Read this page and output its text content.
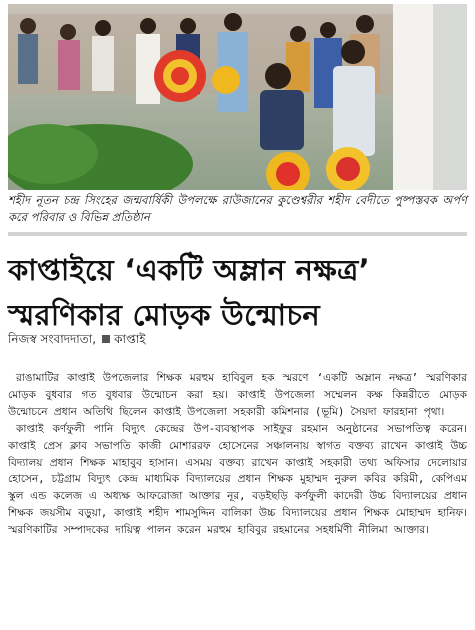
শহীদ নূতন চন্দ্র সিংহের জন্মবার্ষিকী উপলক্ষে রাউজানের কুণ্ডেশ্বরীর শহীদ বেদীতে পুষ্পস্তবক অর্পণ করে পরিবার ও বিভিন্ন প্রতিষ্ঠান
কাপ্তাইয়ে ‘একটি অম্লান নক্ষত্র’ স্মরণিকার মোড়ক উন্মোচন
নিজস্ব সংবাদদাতা, কাপ্তাই

রাঙামাটির কাপ্তাই উপজেলার শিক্ষক মরহুম হাবিবুল হক স্মরণে ‘একটি অম্লান নক্ষত্র’ স্মরণিকার মোড়ক বুধবার গত বুধবার উন্মোচন করা হয়। কাপ্তাই উপজেলা সম্মেলন কক্ষ কিন্নরীতে মোড়ক উন্মোচনে প্রধান অতিথি ছিলেন কাপ্তাই উপজেলা সহকারী কমিশনার (ভূমি) সৈয়দা ফারহানা পৃথা।

কাপ্তাই কর্ণফুলী পানি বিদ্যুৎ কেন্দ্রের উপ-ব্যবস্থাপক সাইফুর রহমান অনুষ্ঠানের সভাপতিত্ব করেন। কাপ্তাই প্রেস ক্লাব সভাপতি কাজী মোশাররফ হোসেনের সঞ্চালনায় স্বাগত বক্তব্য রাখেন কাপ্তাই উচ্চ বিদ্যালয় প্রধান শিক্ষক মাহাবুব হাসান। এসময় বক্তব্য রাখেন কাপ্তাই সহকারী তথ্য অফিসার দেলোয়ার হোসেন, চট্টগ্রাম বিদ্যুৎ কেন্দ্র মাধ্যমিক বিদ্যালয়ের প্রধান শিক্ষক মুহাম্মদ নুরুল কবির করিমী, কেপিএম স্কুল এন্ড কলেজ এ অধ্যক্ষ আফরোজা আক্তার নূর, বড়ইছড়ি কর্ণফুলী কাদেরী উচ্চ বিদ্যালয়ের প্রধান শিক্ষক জয়সীম বড়ুয়া, কাপ্তাই শহীদ শামসুদ্দিন বালিকা উচ্চ বিদ্যালয়ের প্রধান শিক্ষক মোহাম্মদ হানিফ। স্মরণিকাটির সম্পাদকের দায়িত্ব পালন করেন মরহুম হাবিবুর রহমানের সহধর্মিণী নীলিমা আক্তার।
